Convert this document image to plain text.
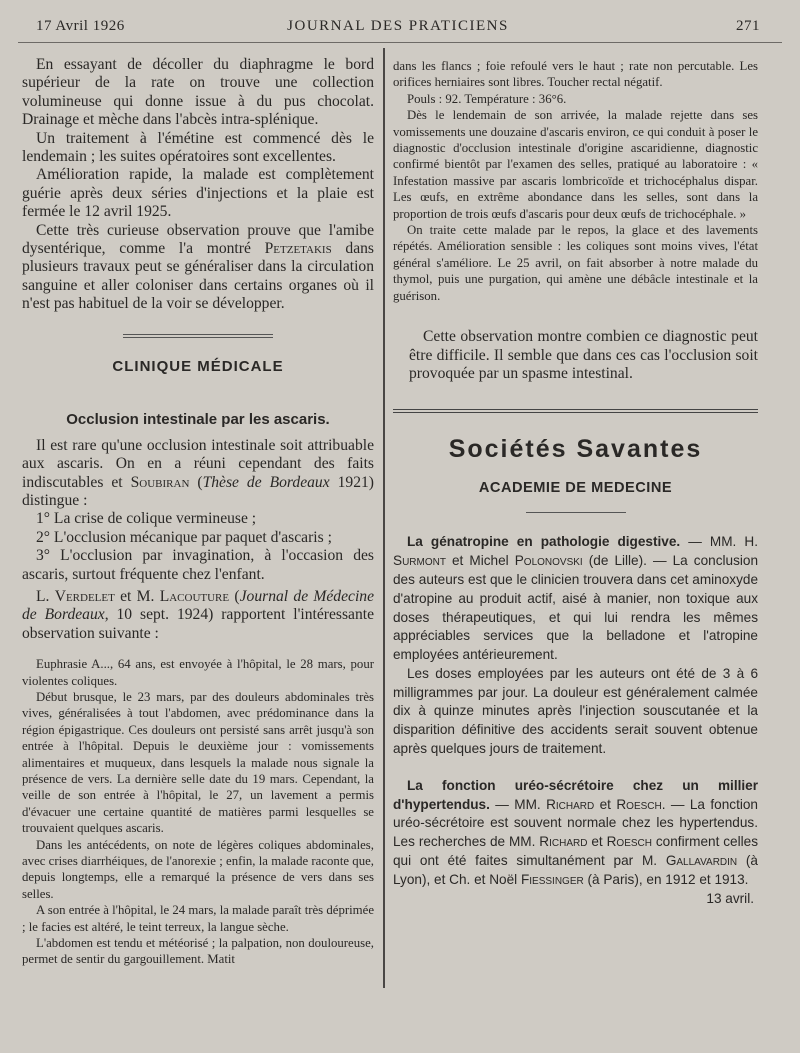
17 Avril 1926	JOURNAL DES PRATICIENS	271

En essayant de décoller du diaphragme le bord supérieur de la rate on trouve une collection volumineuse qui donne issue à du pus chocolat. Drainage et mèche dans l'abcès intra-splénique.

Un traitement à l'émétine est commencé dès le lendemain ; les suites opératoires sont excellentes.

Amélioration rapide, la malade est complètement guérie après deux séries d'injections et la plaie est fermée le 12 avril 1925.

Cette très curieuse observation prouve que l'amibe dysentérique, comme l'a montré Petzetakis dans plusieurs travaux peut se généraliser dans la circulation sanguine et aller coloniser dans certains organes où il n'est pas habituel de la voir se développer.

CLINIQUE MÉDICALE
Occlusion intestinale par les ascaris.

Il est rare qu'une occlusion intestinale soit attribuable aux ascaris. On en a réuni cependant des faits indiscutables et Soubiran (Thèse de Bordeaux 1921) distingue :

1° La crise de colique vermineuse ;

2° L'occlusion mécanique par paquet d'ascaris ;

3° L'occlusion par invagination, à l'occasion des ascaris, surtout fréquente chez l'enfant.

L. Verdelet et M. Lacouture (Journal de Médecine de Bordeaux, 10 sept. 1924) rapportent l'intéressante observation suivante :

Euphrasie A..., 64 ans, est envoyée à l'hôpital, le 28 mars, pour violentes coliques.

Début brusque, le 23 mars, par des douleurs abdominales très vives, généralisées à tout l'abdomen, avec prédominance dans la région épigastrique. Ces douleurs ont persisté sans arrêt jusqu'à son entrée à l'hôpital. Depuis le deuxième jour : vomissements alimentaires et muqueux, dans lesquels la malade nous signale la présence de vers. La dernière selle date du 19 mars. Cependant, la veille de son entrée à l'hôpital, le 27, un lavement a permis d'évacuer une certaine quantité de matières parmi lesquelles se trouvaient quelques ascaris.

Dans les antécédents, on note de légères coliques abdominales, avec crises diarrhéiques, de l'anorexie ; enfin, la malade raconte que, depuis longtemps, elle a remarqué la présence de vers dans ses selles.

A son entrée à l'hôpital, le 24 mars, la malade paraît très déprimée ; le facies est altéré, le teint terreux, la langue sèche.

L'abdomen est tendu et météorisé ; la palpation, non douloureuse, permet de sentir du gargouillement. Matit

dans les flancs ; foie refoulé vers le haut ; rate non percutable. Les orifices herniaires sont libres. Toucher rectal négatif.

Pouls : 92. Température : 36°6.

Dès le lendemain de son arrivée, la malade rejette dans ses vomissements une douzaine d'ascaris environ, ce qui conduit à poser le diagnostic d'occlusion intestinale d'origine ascaridienne, diagnostic confirmé bientôt par l'examen des selles, pratiqué au laboratoire : « Infestation massive par ascaris lombricoïde et trichocéphalus dispar. Les œufs, en extrême abondance dans les selles, sont dans la proportion de trois œufs d'ascaris pour deux œufs de trichocéphale. »

On traite cette malade par le repos, la glace et des lavements répétés. Amélioration sensible : les coliques sont moins vives, l'état général s'améliore. Le 25 avril, on fait absorber à notre malade du thymol, puis une purgation, qui amène une débâcle intestinale et la guérison.

Cette observation montre combien ce diagnostic peut être difficile. Il semble que dans ces cas l'occlusion soit provoquée par un spasme intestinal.

Sociétés Savantes
ACADEMIE DE MEDECINE

La génatropine en pathologie digestive. — MM. H. Surmont et Michel Polonovski (de Lille). — La conclusion des auteurs est que le clinicien trouvera dans cet aminoxyde d'atropine au produit actif, aisé à manier, non toxique aux doses thérapeutiques, et qui lui rendra les mêmes appréciables services que la belladone et l'atropine employées antérieurement.

Les doses employées par les auteurs ont été de 3 à 6 milligrammes par jour. La douleur est généralement calmée dix à quinze minutes après l'injection souscutanée et la disparition définitive des accidents serait souvent obtenue après quelques jours de traitement.

La fonction uréo-sécrétoire chez un millier d'hypertendus. — MM. Richard et Roesch. — La fonction uréo-sécrétoire est souvent normale chez les hypertendus. Les recherches de MM. Richard et Roesch confirment celles qui ont été faites simultanément par M. Gallavardin (à Lyon), et Ch. et Noël Fiessinger (à Paris), en 1912 et 1913.

13 avril.
